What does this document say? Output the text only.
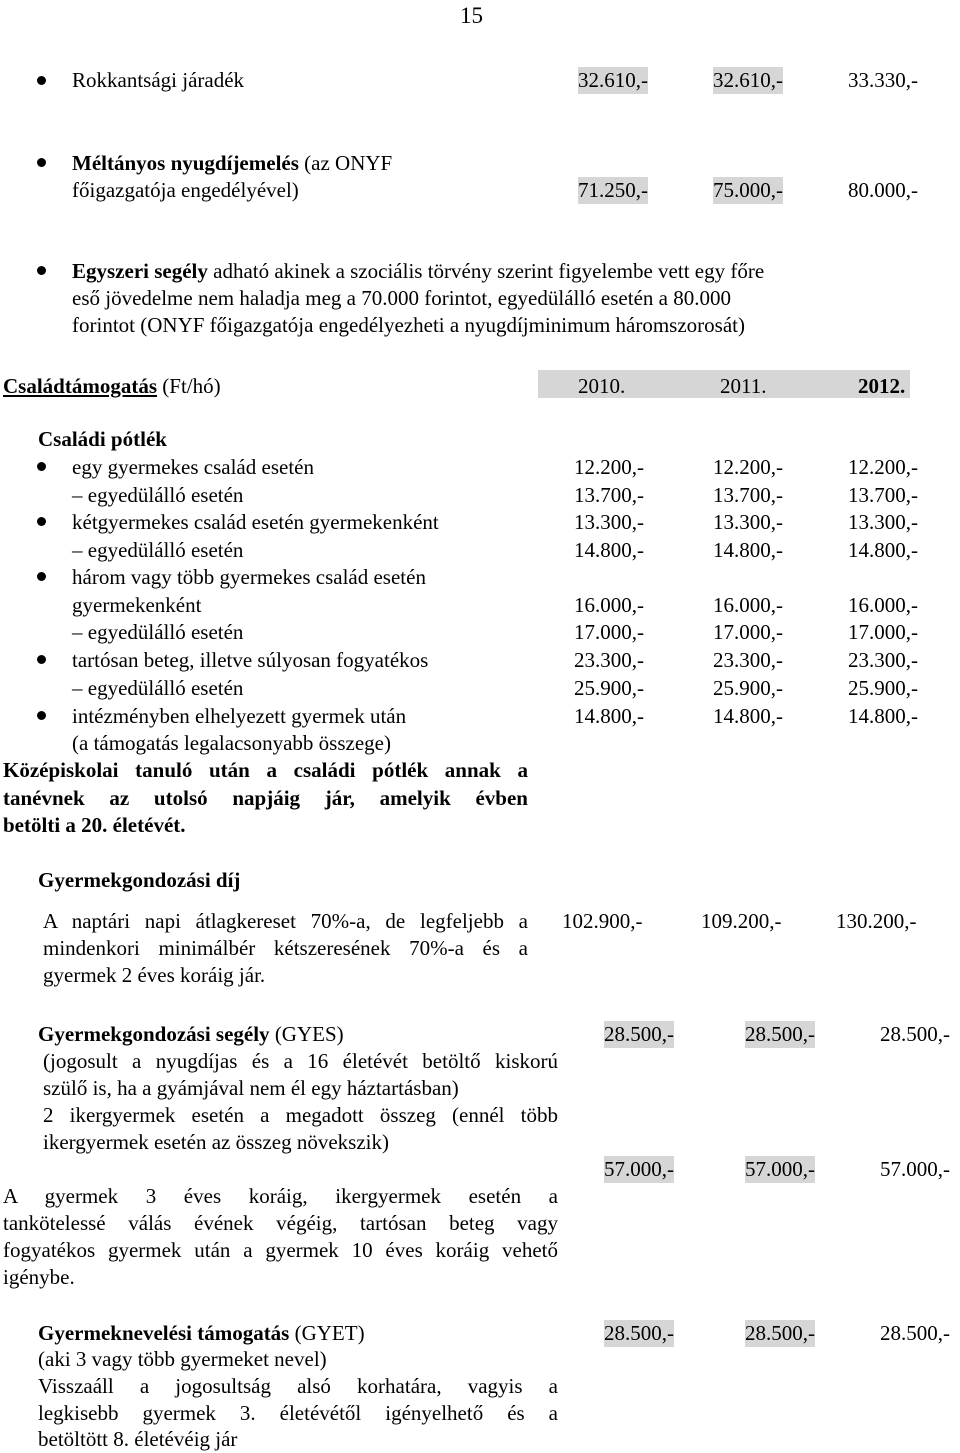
15
Rokkantsági járadék	32.610,-	32.610,-	33.330,-
Méltányos nyugdíjemelés (az ONYF
főigazgatója engedélyével)	71.250,-	75.000,-	80.000,-
Egyszeri segély adható akinek a szociális törvény szerint figyelembe vett egy főre
eső jövedelme nem haladja meg a 70.000 forintot, egyedülálló esetén a 80.000
forintot (ONYF főigazgatója engedélyezheti a nyugdíjminimum háromszorosát)
Családtámogatás (Ft/hó)	2010.	2011.	2012.
Családi pótlék
egy gyermekes család esetén	12.200,-	12.200,-	12.200,-
– egyedülálló esetén	13.700,-	13.700,-	13.700,-
kétgyermekes család esetén gyermekenként	13.300,-	13.300,-	13.300,-
– egyedülálló esetén	14.800,-	14.800,-	14.800,-
három vagy több gyermekes család esetén
gyermekenként	16.000,-	16.000,-	16.000,-
– egyedülálló esetén	17.000,-	17.000,-	17.000,-
tartósan beteg, illetve súlyosan fogyatékos	23.300,-	23.300,-	23.300,-
– egyedülálló esetén	25.900,-	25.900,-	25.900,-
intézményben elhelyezett gyermek után	14.800,-	14.800,-	14.800,-
(a támogatás legalacsonyabb összege)
Középiskolai tanuló után a családi pótlék annak a
tanévnek az utolsó napjáig jár, amelyik évben
betölti a 20. életévét.
Gyermekgondozási díj
A naptári napi átlagkereset 70%-a, de legfeljebb a
mindenkori minimálbér kétszeresének 70%-a és a
gyermek 2 éves koráig jár.
102.900,-	109.200,-	130.200,-
Gyermekgondozási segély (GYES)	28.500,-	28.500,-	28.500,-
(jogosult a nyugdíjas és a 16 életévét betöltő kiskorú
szülő is, ha a gyámjával nem él egy háztartásban)
2 ikergyermek esetén a megadott összeg (ennél több
ikergyermek esetén az összeg növekszik)
57.000,-	57.000,-	57.000,-
A gyermek 3 éves koráig, ikergyermek esetén a
tankötelessé válás évének végéig, tartósan beteg vagy
fogyatékos gyermek után a gyermek 10 éves koráig vehető
igénybe.
Gyermeknevelési támogatás (GYET)	28.500,-	28.500,-	28.500,-
(aki 3 vagy több gyermeket nevel)
Visszaáll a jogosultság alsó korhatára, vagyis a
legkisebb gyermek 3. életévétől igényelhető és a
betöltött 8. életévéig jár
